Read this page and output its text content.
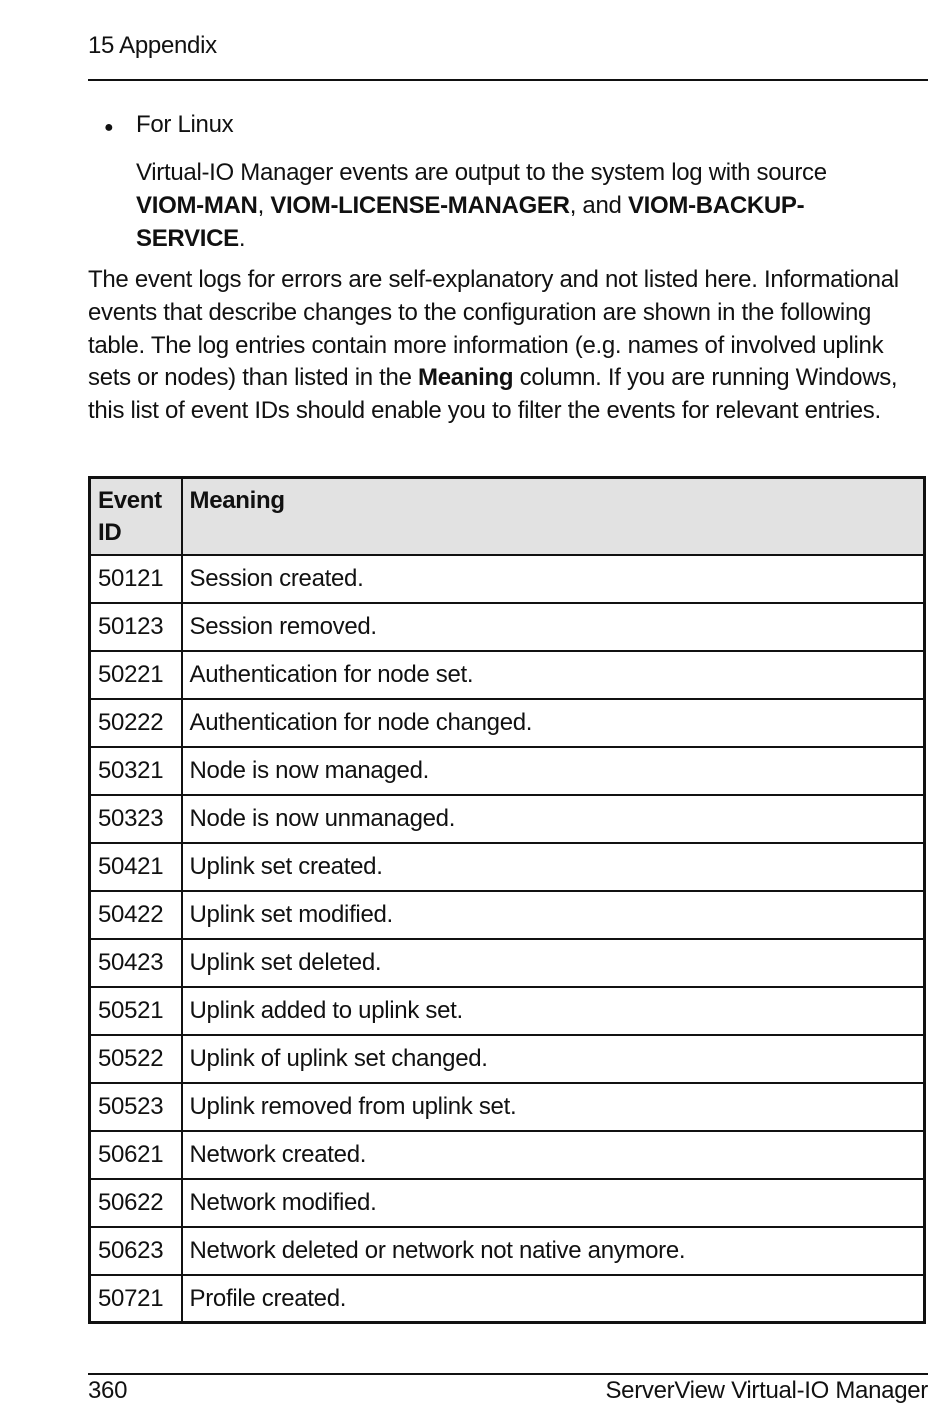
15 Appendix
● For Linux
Virtual-IO Manager events are output to the system log with source VIOM-MAN, VIOM-LICENSE-MANAGER, and VIOM-BACKUP-SERVICE.
The event logs for errors are self-explanatory and not listed here. Informational events that describe changes to the configuration are shown in the following table. The log entries contain more information (e.g. names of involved uplink sets or nodes) than listed in the Meaning column. If you are running Windows, this list of event IDs should enable you to filter the events for relevant entries.
Event ID	Meaning
50121	Session created.
50123	Session removed.
50221	Authentication for node set.
50222	Authentication for node changed.
50321	Node is now managed.
50323	Node is now unmanaged.
50421	Uplink set created.
50422	Uplink set modified.
50423	Uplink set deleted.
50521	Uplink added to uplink set.
50522	Uplink of uplink set changed.
50523	Uplink removed from uplink set.
50621	Network created.
50622	Network modified.
50623	Network deleted or network not native anymore.
50721	Profile created.
360	ServerView Virtual-IO Manager
